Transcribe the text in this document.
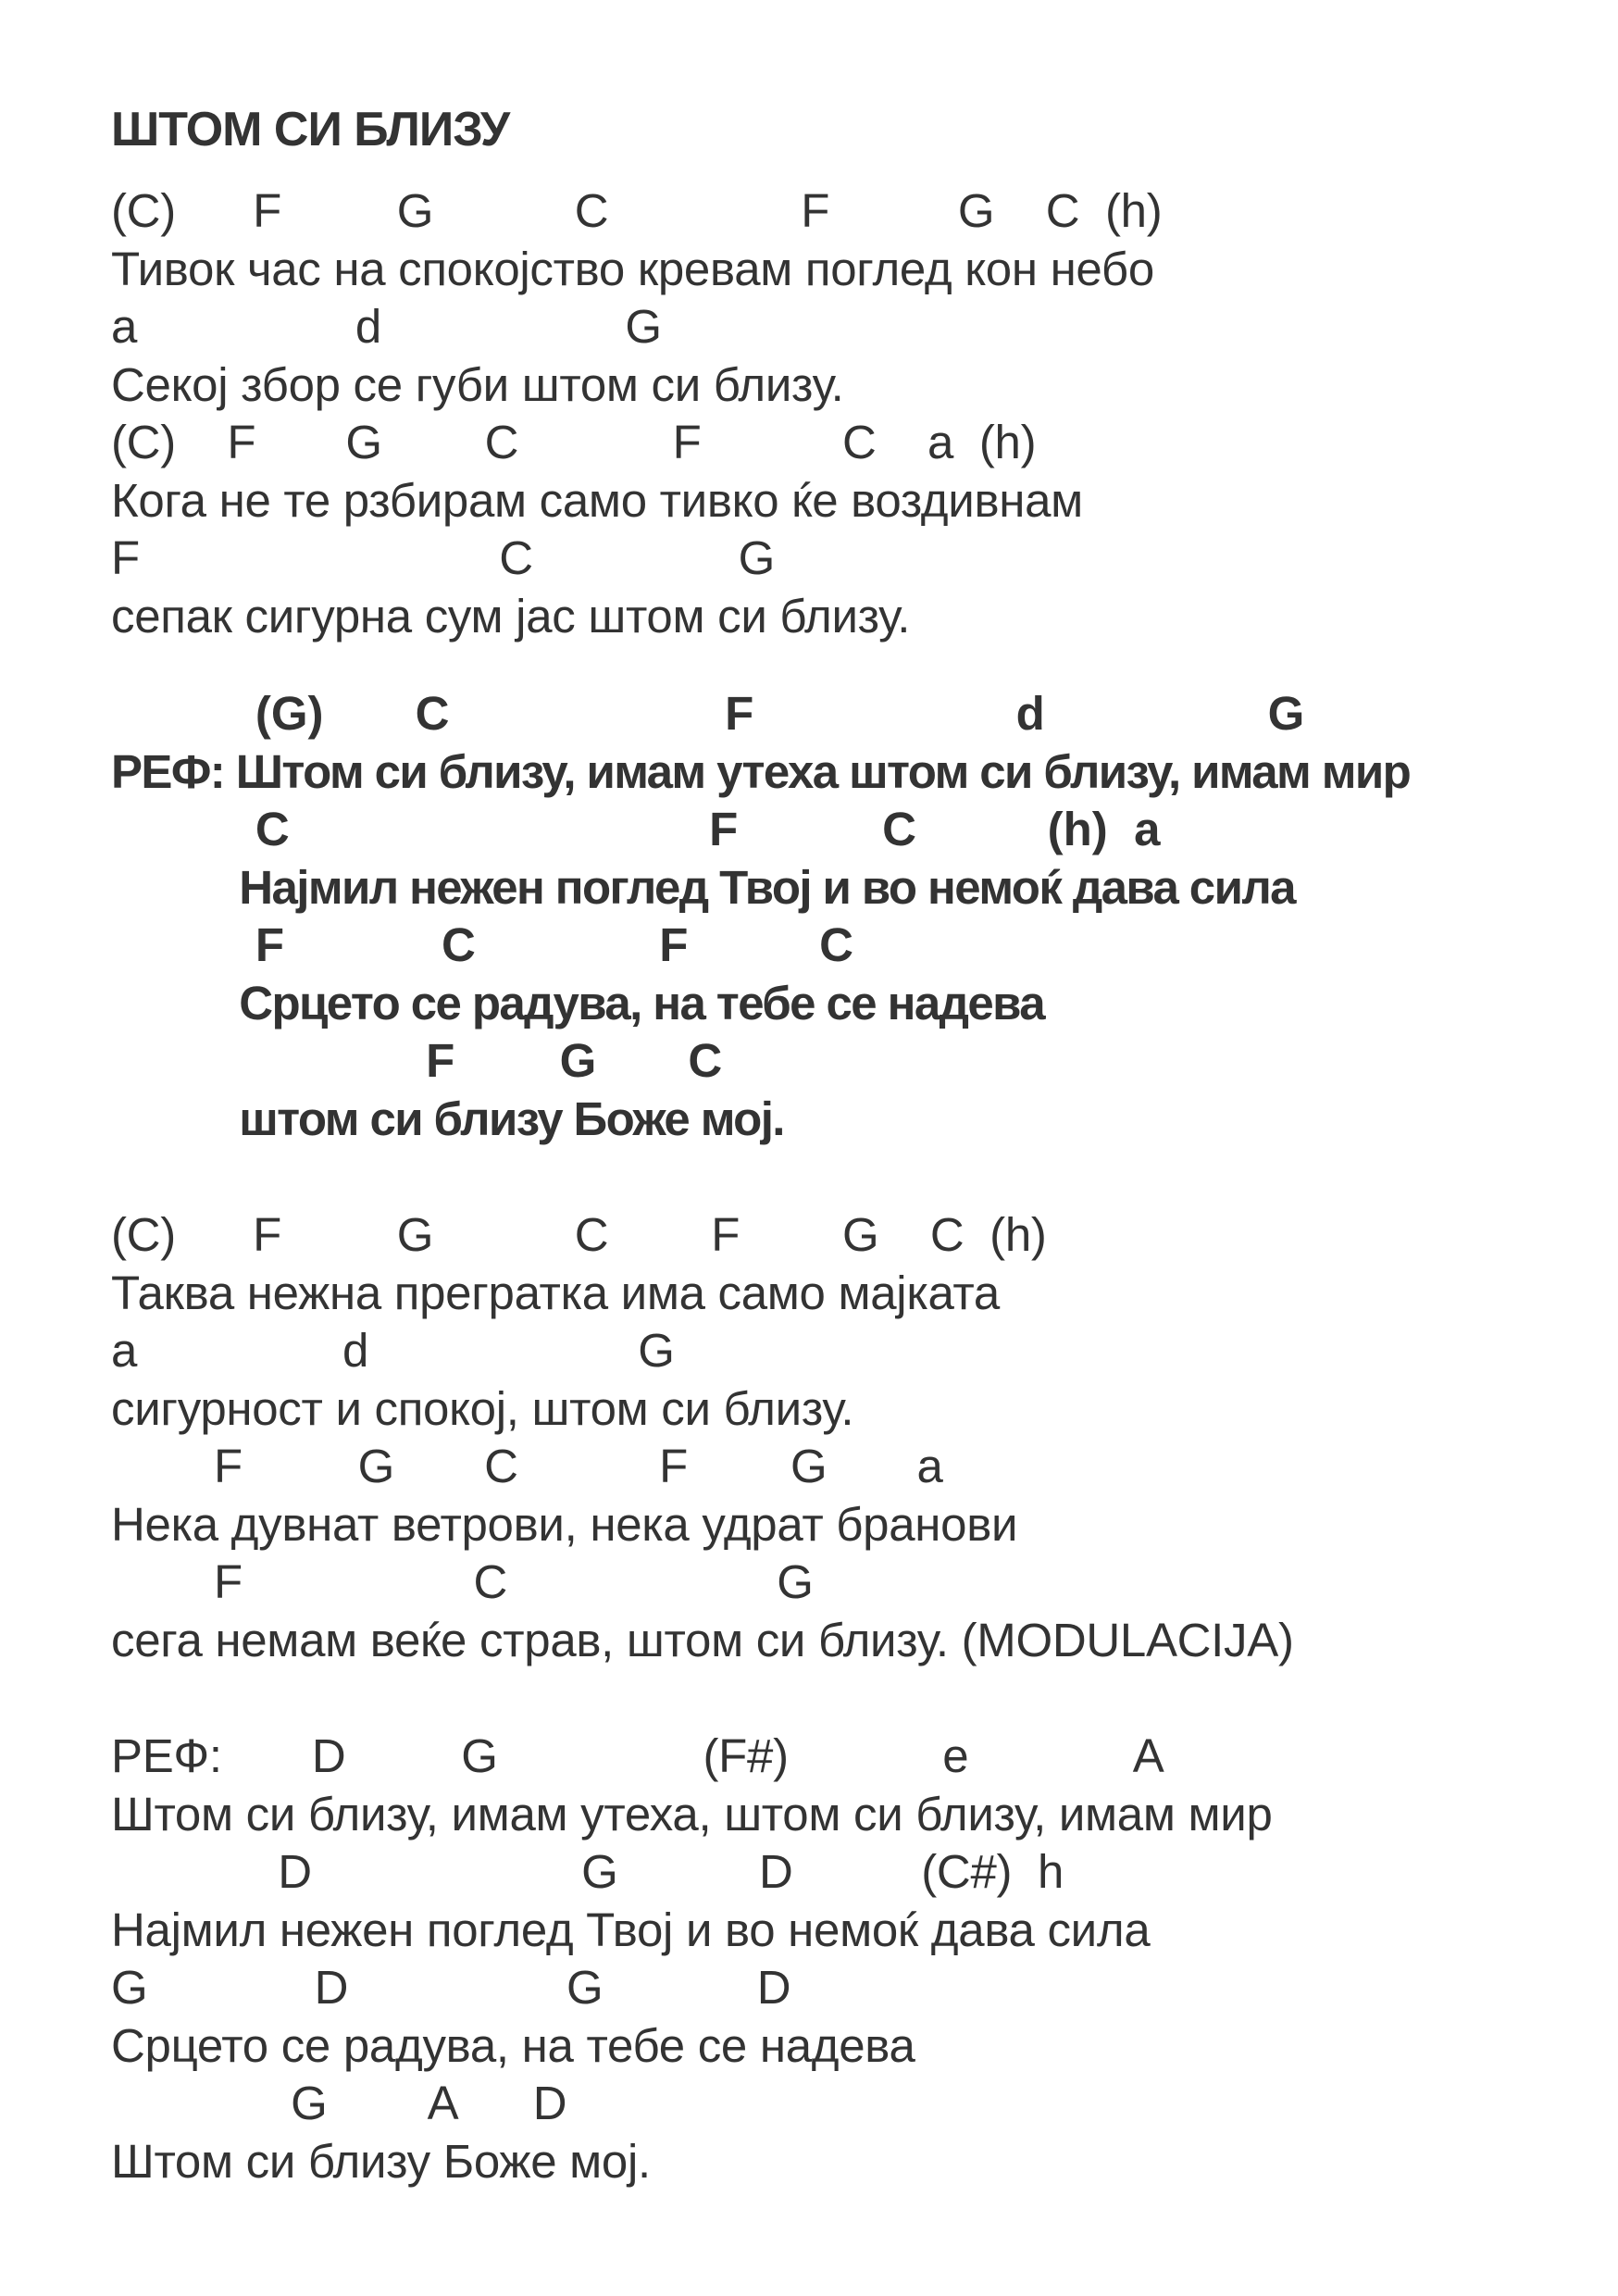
ШТОМ СИ БЛИЗУ
(C)      F         G           C               F          G    C  (h)
Тивок час на спокојство кревам поглед кон небо
a                 d                   G
Секој збор се губи штом си близу.
(C)    F       G        C            F           C    a  (h)
Кога не те рзбирам само тивко ќе воздивнам
F                            C                G
сепак сигурна сум јас штом си близу.
(G)       C                     F                    d                 G
РЕФ: Штом си близу, имам утеха штом си близу, имам мир
C                                F           C          (h)  a
Најмил нежен поглед Твој и во немоќ дава сила
F            C              F          C
Срцето се радува, на тебе се надева
F        G       C
штом си близу Боже мој.
(C)      F         G           C        F        G    C  (h)
Таква нежна прегратка има само мајката
a                d                     G
сигурност и спокој, штом си близу.
F         G       C           F        G       a
Нека дувнат ветрови, нека удрат бранови
F                  C                     G
сега немам веќе страв, штом си близу. (MODULACIJA)
РЕФ:       D         G                (F#)            e             A
Штом си близу, имам утеха, штом си близу, имам мир
D                     G           D          (C#)  h
Најмил нежен поглед Твој и во немоќ дава сила
G             D                 G            D
Срцето се радува, на тебе се надева
G        A      D
Штом си близу Боже мој.
